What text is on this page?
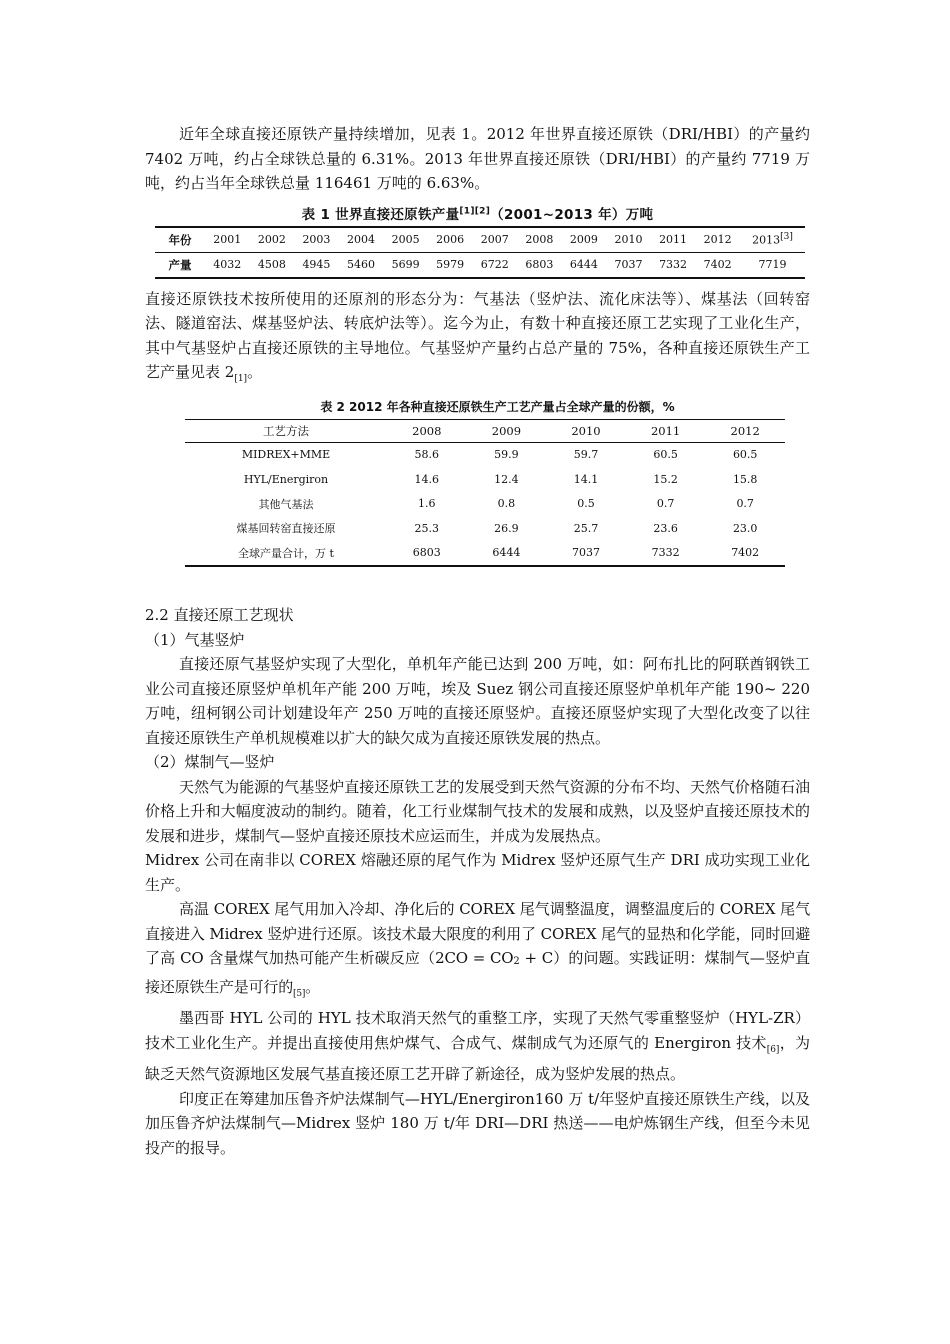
近年全球直接还原铁产量持续增加，见表 1。2012 年世界直接还原铁（DRI/HBI）的产量约 7402 万吨，约占全球铁总量的 6.31%。2013 年世界直接还原铁（DRI/HBI）的产量约 7719 万吨，约占当年全球铁总量 116461 万吨的 6.63%。

表 1 世界直接还原铁产量[1][2]（2001~2013 年）万吨
年份	2001	2002	2003	2004	2005	2006	2007	2008	2009	2010	2011	2012	2013[3]
产量	4032	4508	4945	5460	5699	5979	6722	6803	6444	7037	7332	7402	7719

直接还原铁技术按所使用的还原剂的形态分为：气基法（竖炉法、流化床法等）、煤基法（回转窑法、隧道窑法、煤基竖炉法、转底炉法等）。迄今为止，有数十种直接还原工艺实现了工业化生产，其中气基竖炉占直接还原铁的主导地位。气基竖炉产量约占总产量的 75%，各种直接还原铁生产工艺产量见表 $2_{[1]}$。

表 2 2012 年各种直接还原铁生产工艺产量占全球产量的份额，%
工艺方法	2008	2009	2010	2011	2012
MIDREX+MME	58.6	59.9	59.7	60.5	60.5
HYL/Energiron	14.6	12.4	14.1	15.2	15.8
其他气基法	1.6	0.8	0.5	0.7	0.7
煤基回转窑直接还原	25.3	26.9	25.7	23.6	23.0
全球产量合计，万 t	6803	6444	7037	7332	7402

2.2 直接还原工艺现状

（1）气基竖炉

直接还原气基竖炉实现了大型化，单机年产能已达到 200 万吨，如：阿布扎比的阿联酋钢铁工业公司直接还原竖炉单机年产能 200 万吨，埃及 Suez 钢公司直接还原竖炉单机年产能 190~ 220 万吨，纽柯钢公司计划建设年产 250 万吨的直接还原竖炉。直接还原竖炉实现了大型化改变了以往直接还原铁生产单机规模难以扩大的缺欠成为直接还原铁发展的热点。

（2）煤制气—竖炉

天然气为能源的气基竖炉直接还原铁工艺的发展受到天然气资源的分布不均、天然气价格随石油价格上升和大幅度波动的制约。随着，化工行业煤制气技术的发展和成熟，以及竖炉直接还原技术的发展和进步，煤制气—竖炉直接还原技术应运而生，并成为发展热点。

Midrex 公司在南非以 COREX 熔融还原的尾气作为 Midrex 竖炉还原气生产 DRI 成功实现工业化生产。

高温 COREX 尾气用加入冷却、净化后的 COREX 尾气调整温度，调整温度后的 COREX 尾气直接进入 Midrex 竖炉进行还原。该技术最大限度的利用了 COREX 尾气的显热和化学能，同时回避了高 CO 含量煤气加热可能产生析碳反应（2CO = CO2 + C）的问题。实践证明：煤制气—竖炉直接还原铁生产是可行的$_{[5]}$。

墨西哥 HYL 公司的 HYL 技术取消天然气的重整工序，实现了天然气零重整竖炉（HYL-ZR）技术工业化生产。并提出直接使用焦炉煤气、合成气、煤制成气为还原气的 Energiron 技术$_{[6]}$，为缺乏天然气资源地区发展气基直接还原工艺开辟了新途径，成为竖炉发展的热点。

印度正在筹建加压鲁齐炉法煤制气—HYL/Energiron160 万 t/年竖炉直接还原铁生产线，以及加压鲁齐炉法煤制气—Midrex 竖炉 180 万 t/年 DRI—DRI 热送——电炉炼钢生产线，但至今未见投产的报导。
